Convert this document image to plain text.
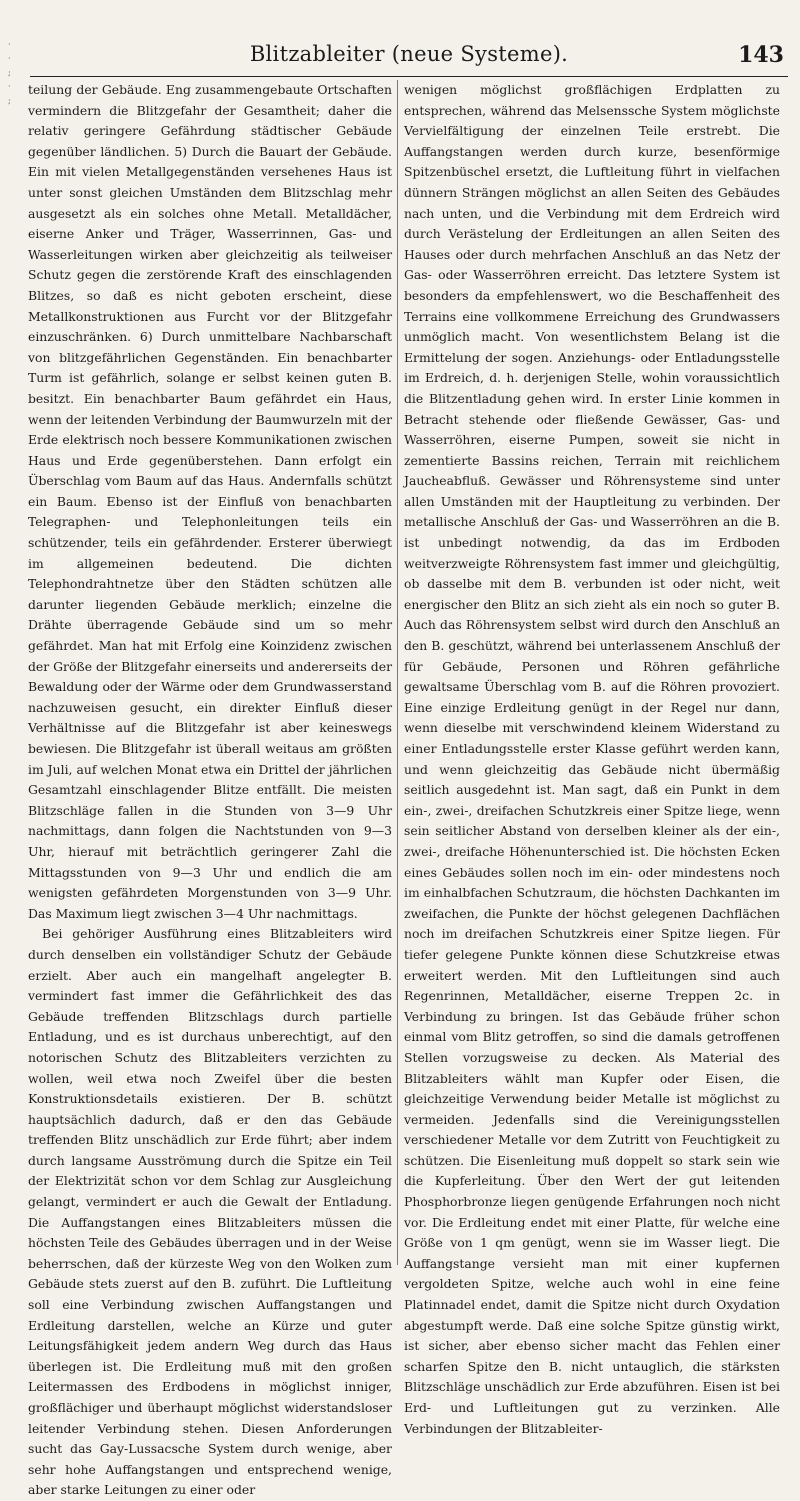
· · ; · ;
Blitzableiter (neue Systeme).	143

teilung der Gebäude. Eng zusammengebaute Ortschaften vermindern die Blitzgefahr der Gesamtheit; daher die relativ geringere Gefährdung städtischer Gebäude gegenüber ländlichen. 5) Durch die Bauart der Gebäude. Ein mit vielen Metallgegenständen versehenes Haus ist unter sonst gleichen Umständen dem Blitzschlag mehr ausgesetzt als ein solches ohne Metall. Metalldächer, eiserne Anker und Träger, Wasserrinnen, Gas- und Wasserleitungen wirken aber gleichzeitig als teilweiser Schutz gegen die zerstörende Kraft des einschlagenden Blitzes, so daß es nicht geboten erscheint, diese Metallkonstruktionen aus Furcht vor der Blitzgefahr einzuschränken. 6) Durch unmittelbare Nachbarschaft von blitzgefährlichen Gegenständen. Ein benachbarter Turm ist gefährlich, solange er selbst keinen guten B. besitzt. Ein benachbarter Baum gefährdet ein Haus, wenn der leitenden Verbindung der Baumwurzeln mit der Erde elektrisch noch bessere Kommunikationen zwischen Haus und Erde gegenüberstehen. Dann erfolgt ein Überschlag vom Baum auf das Haus. Andernfalls schützt ein Baum. Ebenso ist der Einfluß von benachbarten Telegraphen- und Telephonleitungen teils ein schützender, teils ein gefährdender. Ersterer überwiegt im allgemeinen bedeutend. Die dichten Telephondrahtnetze über den Städten schützen alle darunter liegenden Gebäude merklich; einzelne die Drähte überragende Gebäude sind um so mehr gefährdet. Man hat mit Erfolg eine Koinzidenz zwischen der Größe der Blitzgefahr einerseits und andererseits der Bewaldung oder der Wärme oder dem Grundwasserstand nachzuweisen gesucht, ein direkter Einfluß dieser Verhältnisse auf die Blitzgefahr ist aber keineswegs bewiesen. Die Blitzgefahr ist überall weitaus am größten im Juli, auf welchen Monat etwa ein Drittel der jährlichen Gesamtzahl einschlagender Blitze entfällt. Die meisten Blitzschläge fallen in die Stunden von 3—9 Uhr nachmittags, dann folgen die Nachtstunden von 9—3 Uhr, hierauf mit beträchtlich geringerer Zahl die Mittagsstunden von 9—3 Uhr und endlich die am wenigsten gefährdeten Morgenstunden von 3—9 Uhr. Das Maximum liegt zwischen 3—4 Uhr nachmittags.

Bei gehöriger Ausführung eines Blitzableiters wird durch denselben ein vollständiger Schutz der Gebäude erzielt. Aber auch ein mangelhaft angelegter B. vermindert fast immer die Gefährlichkeit des das Gebäude treffenden Blitzschlags durch partielle Entladung, und es ist durchaus unberechtigt, auf den notorischen Schutz des Blitzableiters verzichten zu wollen, weil etwa noch Zweifel über die besten Konstruktionsdetails existieren. Der B. schützt hauptsächlich dadurch, daß er den das Gebäude treffenden Blitz unschädlich zur Erde führt; aber indem durch langsame Ausströmung durch die Spitze ein Teil der Elektrizität schon vor dem Schlag zur Ausgleichung gelangt, vermindert er auch die Gewalt der Entladung. Die Auffangstangen eines Blitzableiters müssen die höchsten Teile des Gebäudes überragen und in der Weise beherrschen, daß der kürzeste Weg von den Wolken zum Gebäude stets zuerst auf den B. zuführt. Die Luftleitung soll eine Verbindung zwischen Auffangstangen und Erdleitung darstellen, welche an Kürze und guter Leitungsfähigkeit jedem andern Weg durch das Haus überlegen ist. Die Erdleitung muß mit den großen Leitermassen des Erdbodens in möglichst inniger, großflächiger und überhaupt möglichst widerstandsloser leitender Verbindung stehen. Diesen Anforderungen sucht das Gay-Lussacsche System durch wenige, aber sehr hohe Auffangstangen und entsprechend wenige, aber starke Leitungen zu einer oder

wenigen möglichst großflächigen Erdplatten zu entsprechen, während das Melsenssche System möglichste Vervielfältigung der einzelnen Teile erstrebt. Die Auffangstangen werden durch kurze, besenförmige Spitzenbüschel ersetzt, die Luftleitung führt in vielfachen dünnern Strängen möglichst an allen Seiten des Gebäudes nach unten, und die Verbindung mit dem Erdreich wird durch Verästelung der Erdleitungen an allen Seiten des Hauses oder durch mehrfachen Anschluß an das Netz der Gas- oder Wasserröhren erreicht. Das letztere System ist besonders da empfehlenswert, wo die Beschaffenheit des Terrains eine vollkommene Erreichung des Grundwassers unmöglich macht. Von wesentlichstem Belang ist die Ermittelung der sogen. Anziehungs- oder Entladungsstelle im Erdreich, d. h. derjenigen Stelle, wohin voraussichtlich die Blitzentladung gehen wird. In erster Linie kommen in Betracht stehende oder fließende Gewässer, Gas- und Wasserröhren, eiserne Pumpen, soweit sie nicht in zementierte Bassins reichen, Terrain mit reichlichem Jaucheabfluß. Gewässer und Röhrensysteme sind unter allen Umständen mit der Hauptleitung zu verbinden. Der metallische Anschluß der Gas- und Wasserröhren an die B. ist unbedingt notwendig, da das im Erdboden weitverzweigte Röhrensystem fast immer und gleichgültig, ob dasselbe mit dem B. verbunden ist oder nicht, weit energischer den Blitz an sich zieht als ein noch so guter B. Auch das Röhrensystem selbst wird durch den Anschluß an den B. geschützt, während bei unterlassenem Anschluß der für Gebäude, Personen und Röhren gefährliche gewaltsame Überschlag vom B. auf die Röhren provoziert. Eine einzige Erdleitung genügt in der Regel nur dann, wenn dieselbe mit verschwindend kleinem Widerstand zu einer Entladungsstelle erster Klasse geführt werden kann, und wenn gleichzeitig das Gebäude nicht übermäßig seitlich ausgedehnt ist. Man sagt, daß ein Punkt in dem ein-, zwei-, dreifachen Schutzkreis einer Spitze liege, wenn sein seitlicher Abstand von derselben kleiner als der ein-, zwei-, dreifache Höhenunterschied ist. Die höchsten Ecken eines Gebäudes sollen noch im ein- oder mindestens noch im einhalbfachen Schutzraum, die höchsten Dachkanten im zweifachen, die Punkte der höchst gelegenen Dachflächen noch im dreifachen Schutzkreis einer Spitze liegen. Für tiefer gelegene Punkte können diese Schutzkreise etwas erweitert werden. Mit den Luftleitungen sind auch Regenrinnen, Metalldächer, eiserne Treppen 2c. in Verbindung zu bringen. Ist das Gebäude früher schon einmal vom Blitz getroffen, so sind die damals getroffenen Stellen vorzugsweise zu decken. Als Material des Blitzableiters wählt man Kupfer oder Eisen, die gleichzeitige Verwendung beider Metalle ist möglichst zu vermeiden. Jedenfalls sind die Vereinigungsstellen verschiedener Metalle vor dem Zutritt von Feuchtigkeit zu schützen. Die Eisenleitung muß doppelt so stark sein wie die Kupferleitung. Über den Wert der gut leitenden Phosphorbronze liegen genügende Erfahrungen noch nicht vor. Die Erdleitung endet mit einer Platte, für welche eine Größe von 1 qm genügt, wenn sie im Wasser liegt. Die Auffangstange versieht man mit einer kupfernen vergoldeten Spitze, welche auch wohl in eine feine Platinnadel endet, damit die Spitze nicht durch Oxydation abgestumpft werde. Daß eine solche Spitze günstig wirkt, ist sicher, aber ebenso sicher macht das Fehlen einer scharfen Spitze den B. nicht untauglich, die stärksten Blitzschläge unschädlich zur Erde abzuführen. Eisen ist bei Erd- und Luftleitungen gut zu verzinken. Alle Verbindungen der Blitzableiter-
